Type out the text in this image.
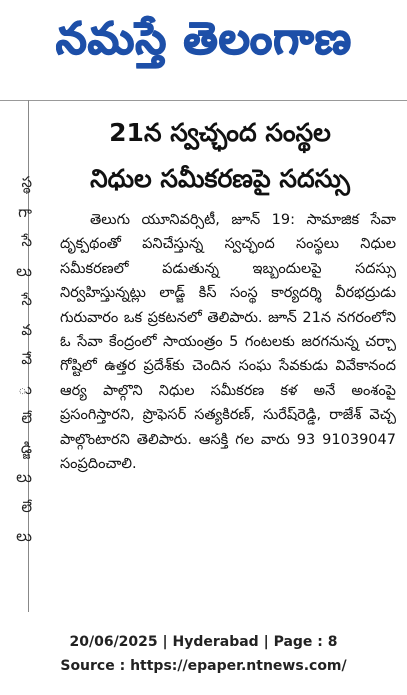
నమస్తే తెలంగాణ
స్థ
గా
సే
లు
సే
వ
వే
ు
లే
డ్జి
లు
లే
లు
21న స్వచ్ఛంద సంస్థల
నిధుల సమీకరణపై సదస్సు
తెలుగు యూనివర్సిటీ, జూన్ 19: సామాజిక సేవా దృక్పథంతో పనిచేస్తున్న స్వచ్ఛంద సంస్థలు నిధుల సమీకరణలో పడుతున్న ఇబ్బందులపై సదస్సు నిర్వహిస్తున్నట్లు లాడ్జ్ కిస్ సంస్థ కార్యదర్శి వీరభద్రుడు గురువారం ఒక ప్రకటనలో తెలిపారు. జూన్ 21న నగరంలోని ఓ సేవా కేంద్రంలో సాయంత్రం 5 గంటలకు జరగనున్న చర్చా గోష్టిలో ఉత్తర ప్రదేశ్‌కు చెందిన సంఘ సేవకుడు వివేకానంద ఆర్య పాల్గొని నిధుల సమీకరణ కళ అనే అంశంపై ప్రసంగిస్తారని, ప్రొఫెసర్ సత్యకిరణ్, సురేష్‌రెడ్డి, రాజేశ్ వెచ్చ పాల్గొంటారని తెలిపారు. ఆసక్తి గల వారు 93 91039047 సంప్రదించాలి.
20/06/2025 | Hyderabad | Page : 8
Source : https://epaper.ntnews.com/
